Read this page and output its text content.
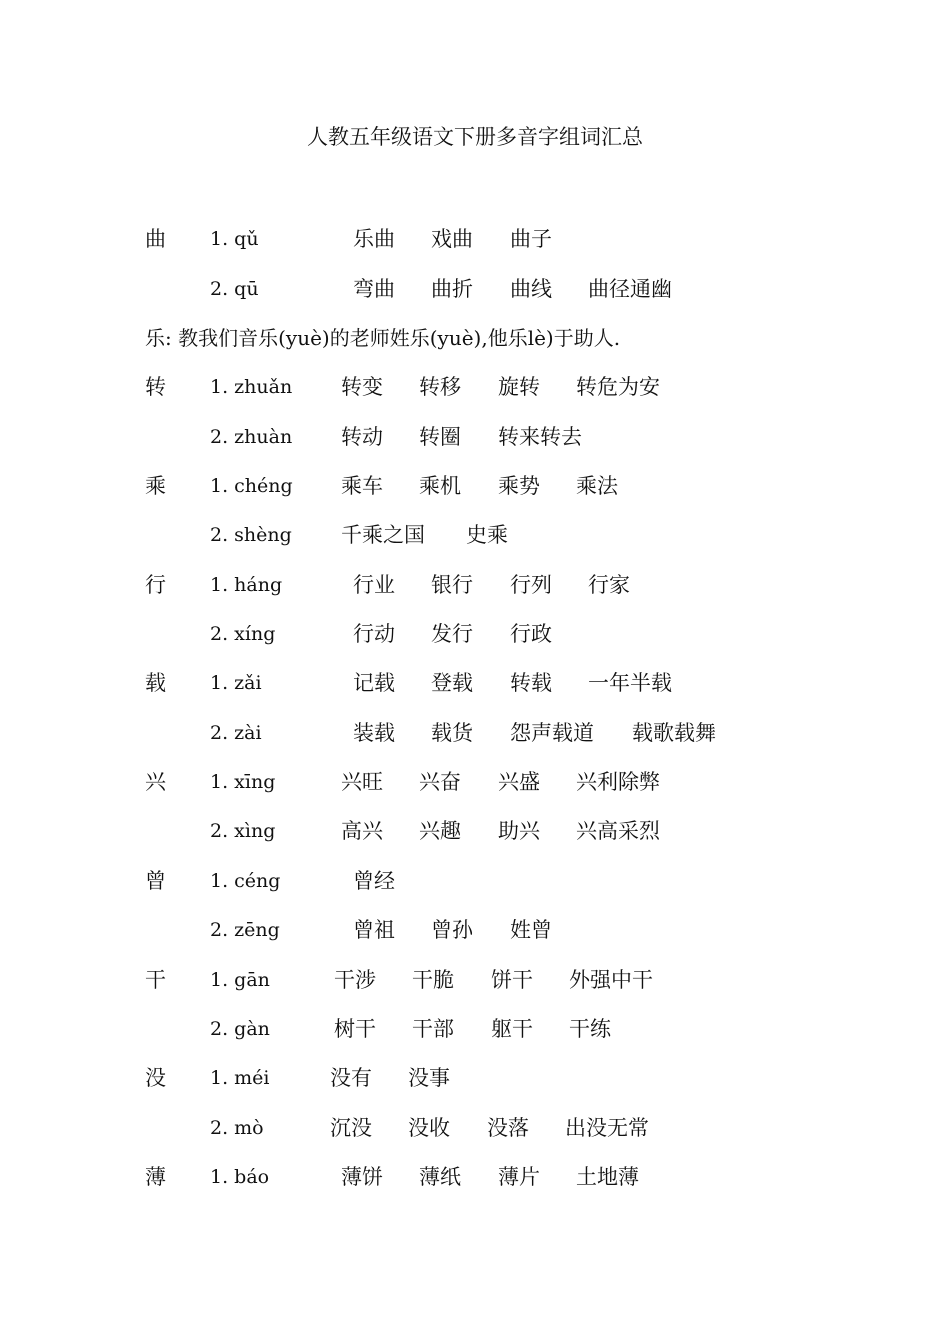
人教五年级语文下册多音字组词汇总
曲 1. qǔ	乐曲 戏曲 曲子
2. qū	弯曲 曲折 曲线 曲径通幽
乐: 教我们音乐(yuè)的老师姓乐(yuè),他乐lè)于助人.
转 1. zhuǎn 转变 转移 旋转 转危为安
2. zhuàn 转动 转圈 转来转去
乘 1. chéng 乘车 乘机 乘势 乘法
2. shèng 千乘之国 史乘
行 1. háng	行业 银行 行列 行家
2. xíng	行动 发行 行政
载 1. zǎi	记载 登载 转载 一年半载
2. zài	装载 载货 怨声载道 载歌载舞
兴 1. xīng	兴旺 兴奋 兴盛 兴利除弊
2. xìng	高兴 兴趣 助兴 兴高采烈
曾 1. céng	曾经
2. zēng	曾祖 曾孙 姓曾
干 1. gān	干涉 干脆 饼干 外强中干
2. gàn	树干 干部 躯干 干练
没 1. méi	没有 没事
2. mò	沉没 没收 没落 出没无常
薄 1. báo	薄饼 薄纸 薄片 土地薄
